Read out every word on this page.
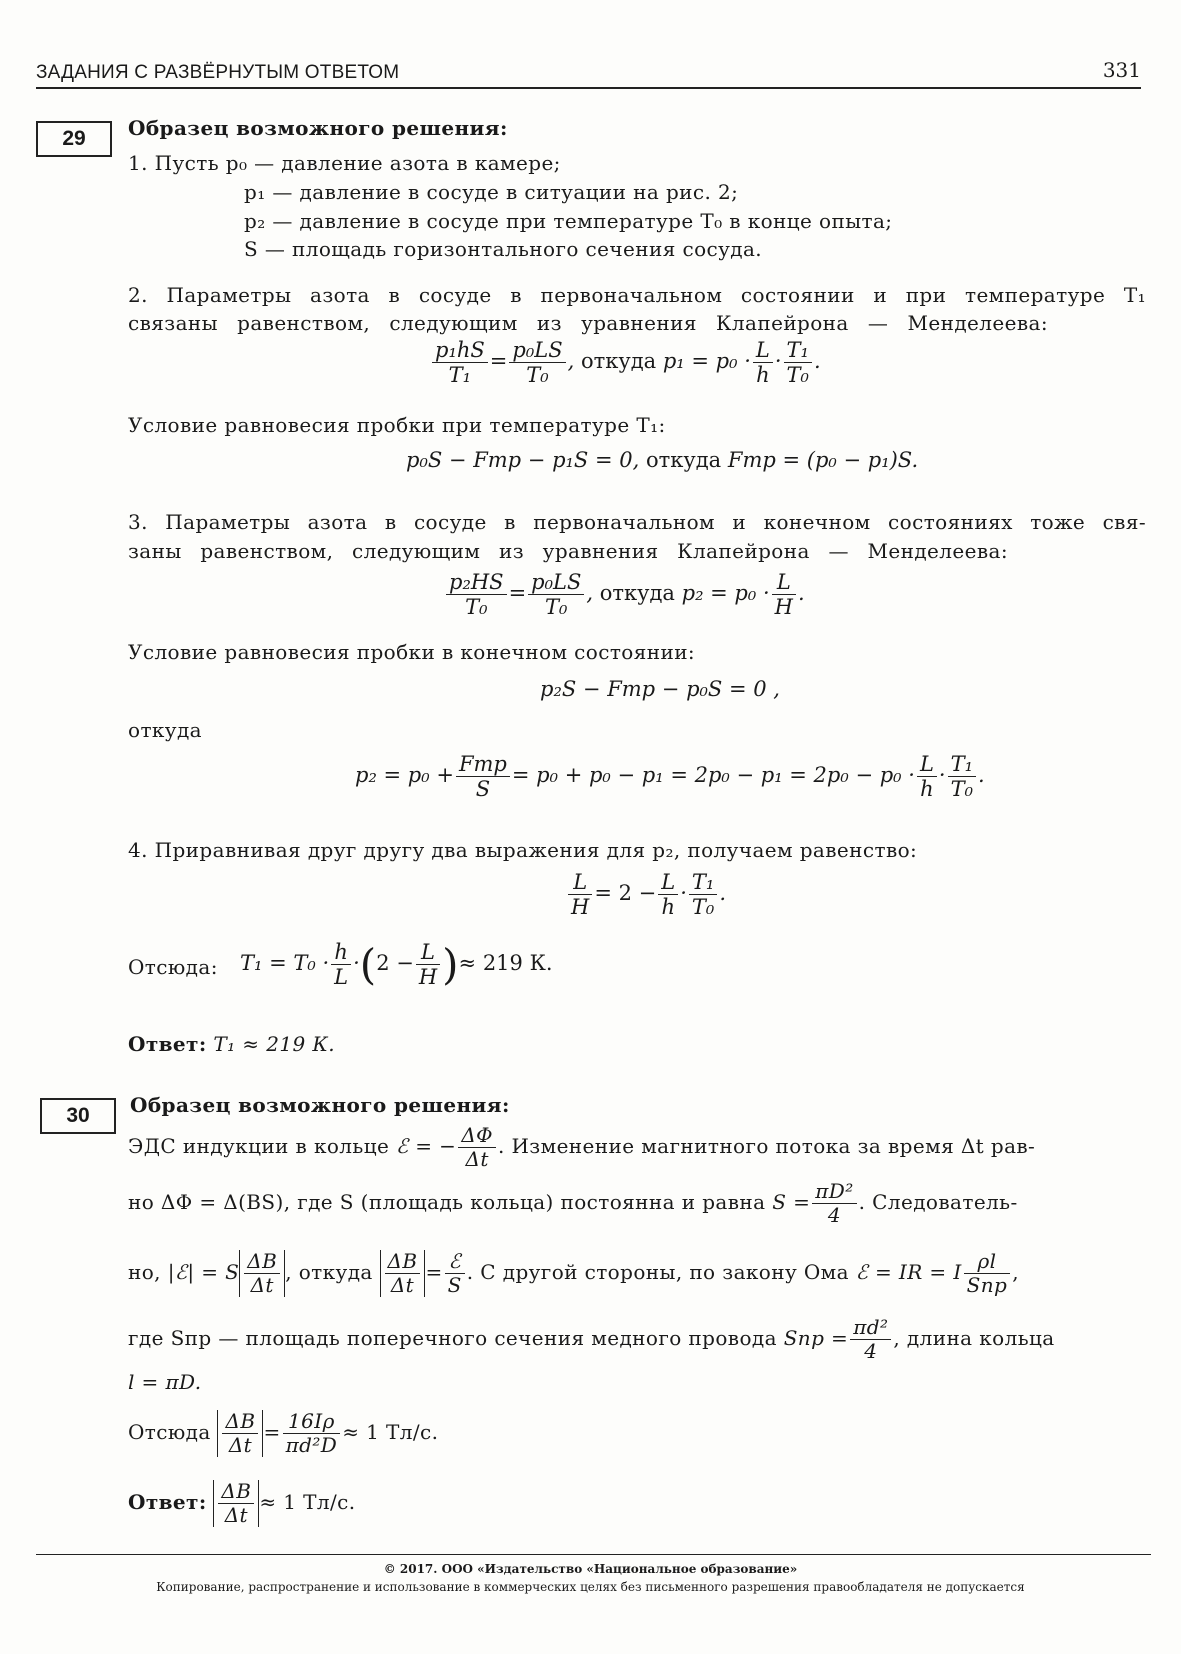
ЗАДАНИЯ С РАЗВЁРНУТЫМ ОТВЕТОМ	331
29	Образец возможного решения:
1. Пусть p₀ — давление азота в камере;
p₁ — давление в сосуде в ситуации на рис. 2;
p₂ — давление в сосуде при температуре T₀ в конце опыта;
S — площадь горизонтального сечения сосуда.
2. Параметры азота в сосуде в первоначальном состоянии и при температуре T₁
связаны равенством, следующим из уравнения Клапейрона — Менделеева:
$\frac{\text{p₁hS}}{\text{T₁}} = \frac{\text{p₀LS}}{\text{T₀}}$ , откуда $p_1 = p_0 \cdot \frac{L}{h} \cdot \frac{\text{T₁}}{\text{T₀}}$ .
Условие равновесия пробки при температуре T₁:
p₀S − Fтр − p₁S = 0, откуда Fтр = (p₀ − p₁)S.
3. Параметры азота в сосуде в первоначальном и конечном состояниях тоже свя-
заны равенством, следующим из уравнения Клапейрона — Менделеева:
$\frac{\text{p₂HS}}{\text{T₀}} = \frac{\text{p₀LS}}{\text{T₀}}$ , откуда $p_2 = p_0 \cdot \frac{L}{H}$ .
Условие равновесия пробки в конечном состоянии:
p₂S − Fтр − p₀S = 0 ,
откуда
$p_2 = p_0 + \frac{\text{Fтр}}{S} = p_0 + p_0 - p_1 = 2p_0 - p_1 = 2p_0 - p_0 \cdot \frac{L}{h} \cdot \frac{\text{T₁}}{\text{T₀}}$ .
4. Приравнивая друг другу два выражения для p₂, получаем равенство:
$\frac{L}{H} = 2 - \frac{L}{h} \cdot \frac{\text{T₁}}{\text{T₀}}$ .
Отсюда: $T_1 = T_0 \cdot \frac{h}{L} \cdot(2 - \frac{L}{H}$ )≈ 219 К.
Ответ: T₁ ≈ 219 К.
30	Образец возможного решения:
ЭДС индукции в кольце ℰ = − $\frac{\Delta\Phi}{\Delta t}$ . Изменение магнитного потока за время Δt рав-
но ΔΦ = Δ(BS), где S (площадь кольца) постоянна и равна $S = \frac{\text{πD²}}{4}$ . Следователь-
но, |ℰ| = S $\frac{\Delta B}{\Delta t}$ , откуда $\frac{\Delta B}{\Delta t} = \frac{\text{ℰ}}{S}$ . С другой стороны, по закону Ома ℰ = IR = I $\frac{\rho l}{\text{Sпр}}$ ,
где Sпр — площадь поперечного сечения медного провода Sпр = $\frac{\text{πd²}}{4}$ , длина кольца
l = πD.
Отсюда $\frac{\Delta B}{\Delta t} = \frac{16I\rho}{\text{πd²D}} \approx 1$ Тл/с.
Ответ: $\frac{\Delta B}{\Delta t} \approx 1$ Тл/с.
© 2017. ООО «Издательство «Национальное образование»
Копирование, распространение и использование в коммерческих целях без письменного разрешения правообладателя не допускается
